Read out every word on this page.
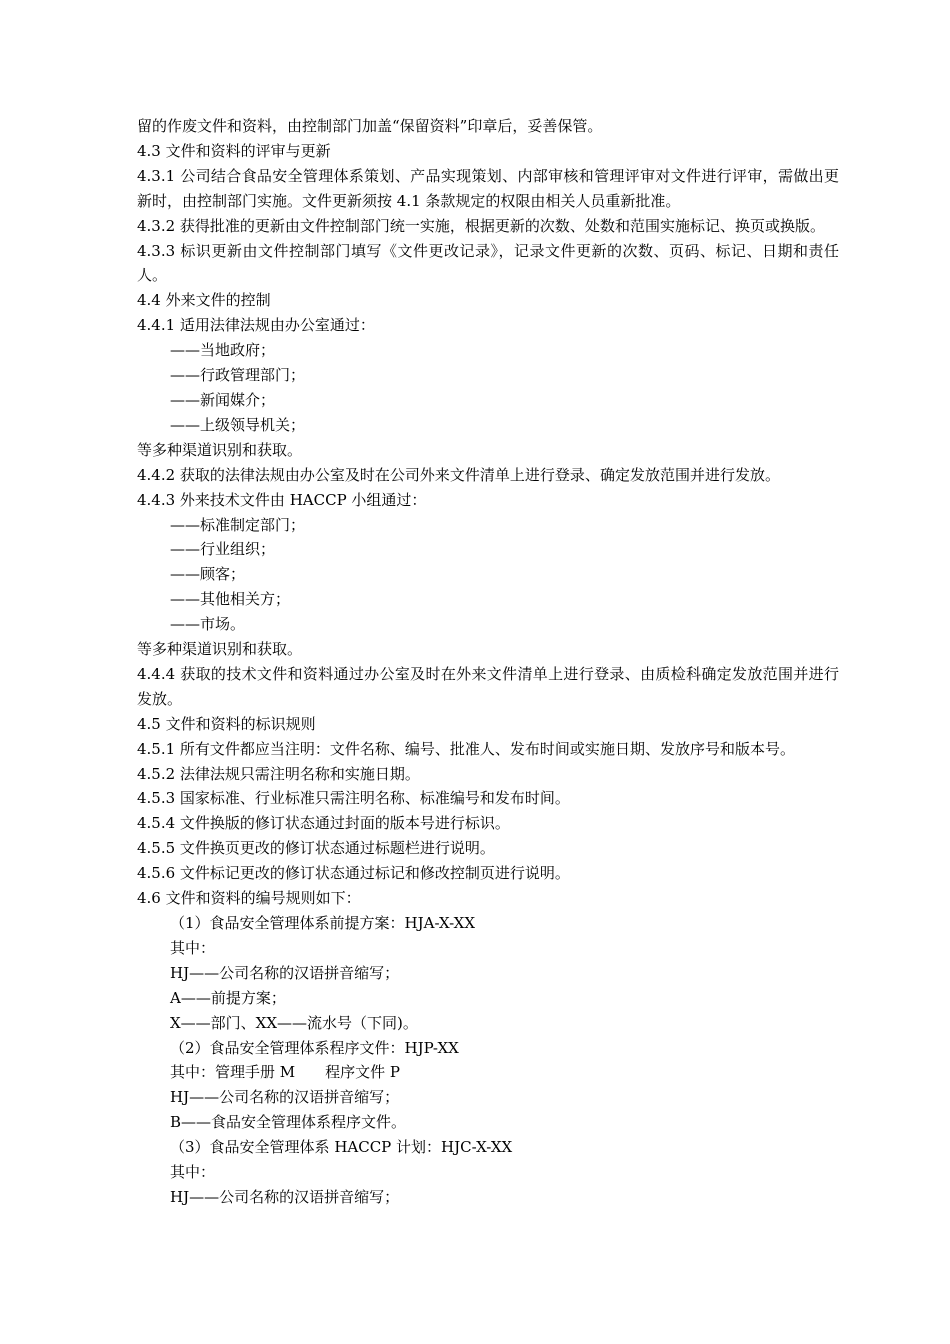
留的作废文件和资料，由控制部门加盖“保留资料”印章后，妥善保管。

4.3 文件和资料的评审与更新

4.3.1 公司结合食品安全管理体系策划、产品实现策划、内部审核和管理评审对文件进行评审，需做出更新时，由控制部门实施。文件更新须按 4.1 条款规定的权限由相关人员重新批准。

4.3.2 获得批准的更新由文件控制部门统一实施，根据更新的次数、处数和范围实施标记、换页或换版。

4.3.3 标识更新由文件控制部门填写《文件更改记录》，记录文件更新的次数、页码、标记、日期和责任人。

4.4 外来文件的控制

4.4.1 适用法律法规由办公室通过：

——当地政府；

——行政管理部门；

——新闻媒介；

——上级领导机关；

等多种渠道识别和获取。

4.4.2 获取的法律法规由办公室及时在公司外来文件清单上进行登录、确定发放范围并进行发放。

4.4.3 外来技术文件由 HACCP 小组通过：

——标准制定部门；

——行业组织；

——顾客；

——其他相关方；

——市场。

等多种渠道识别和获取。

4.4.4 获取的技术文件和资料通过办公室及时在外来文件清单上进行登录、由质检科确定发放范围并进行发放。

4.5 文件和资料的标识规则

4.5.1 所有文件都应当注明：文件名称、编号、批准人、发布时间或实施日期、发放序号和版本号。

4.5.2 法律法规只需注明名称和实施日期。

4.5.3 国家标准、行业标准只需注明名称、标准编号和发布时间。

4.5.4 文件换版的修订状态通过封面的版本号进行标识。

4.5.5 文件换页更改的修订状态通过标题栏进行说明。

4.5.6 文件标记更改的修订状态通过标记和修改控制页进行说明。

4.6 文件和资料的编号规则如下：

（1）食品安全管理体系前提方案：HJA-X-XX

其中：

HJ——公司名称的汉语拼音缩写；

A——前提方案；

X——部门、XX——流水号（下同)。

（2）食品安全管理体系程序文件：HJP-XX

其中：管理手册 M　　程序文件 P

HJ——公司名称的汉语拼音缩写；

B——食品安全管理体系程序文件。

（3）食品安全管理体系 HACCP 计划：HJC-X-XX

其中：

HJ——公司名称的汉语拼音缩写；
